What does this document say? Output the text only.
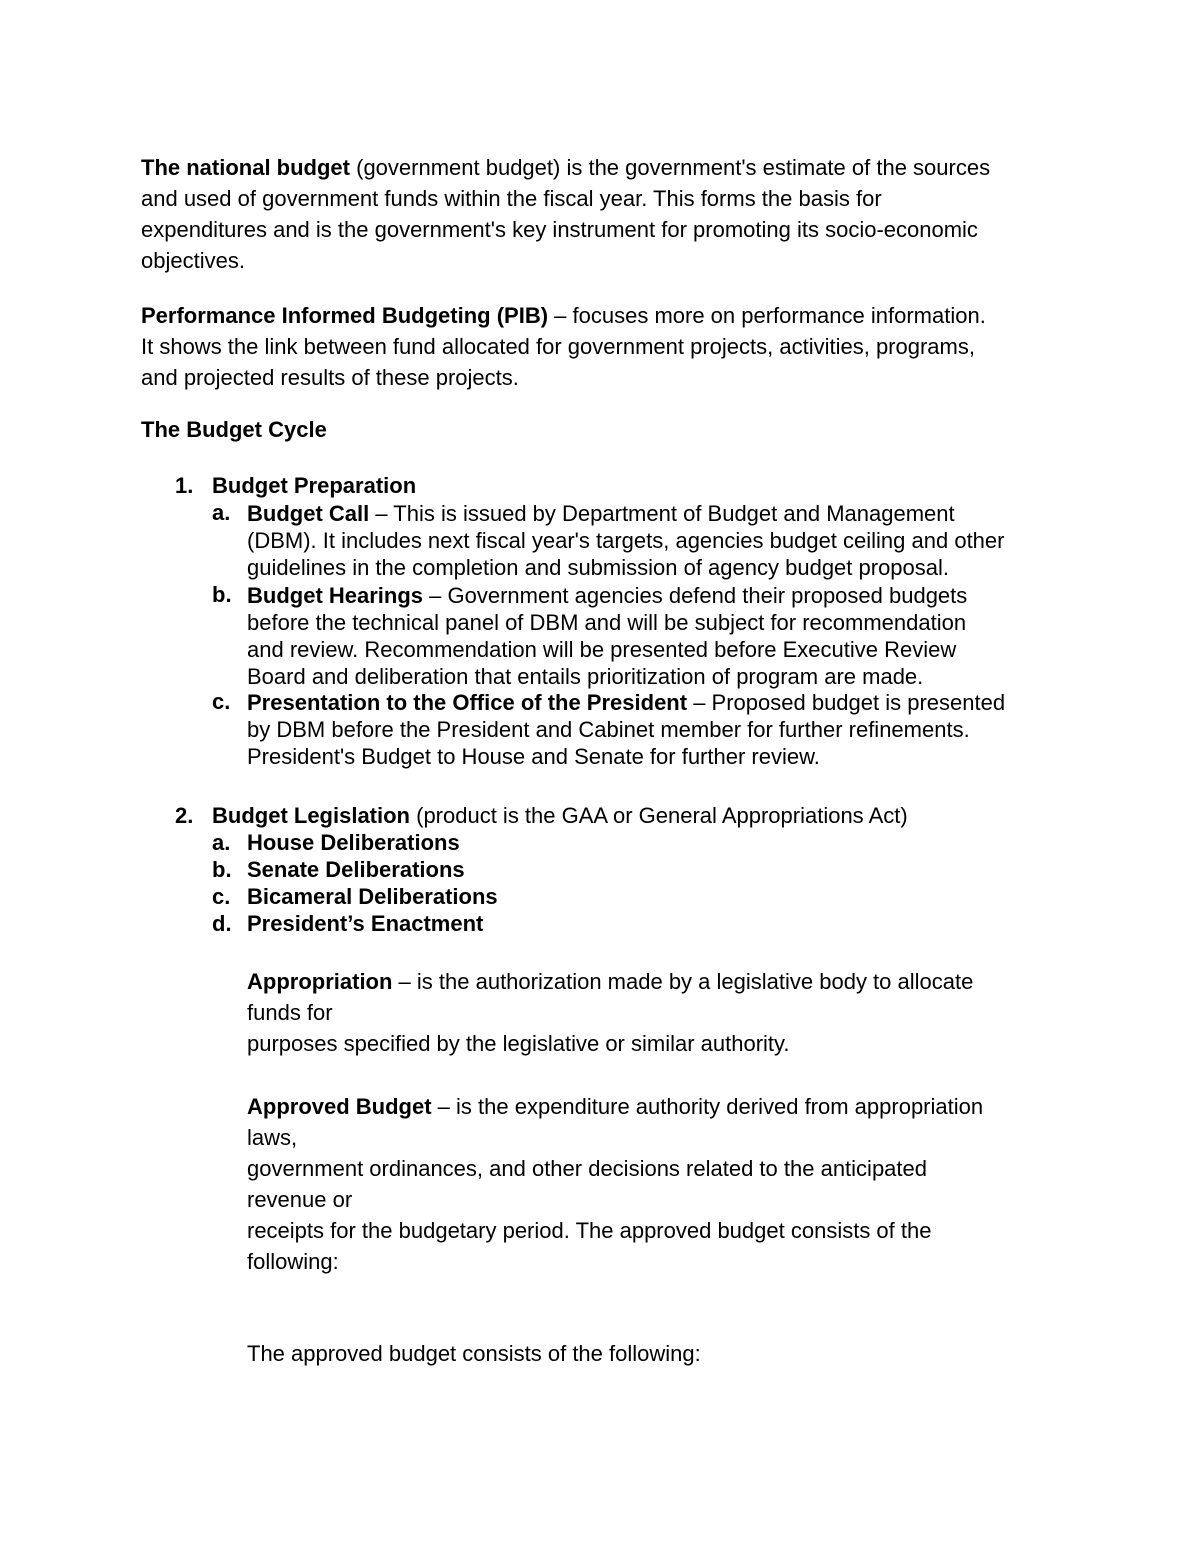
The national budget (government budget) is the government's estimate of the sources
and used of government funds within the fiscal year. This forms the basis for
expenditures and is the government's key instrument for promoting its socio-economic
objectives.

Performance Informed Budgeting (PIB) – focuses more on performance information.
It shows the link between fund allocated for government projects, activities, programs,
and projected results of these projects.

The Budget Cycle
1. Budget Preparation
a. Budget Call – This is issued by Department of Budget and Management
(DBM). It includes next fiscal year's targets, agencies budget ceiling and other
guidelines in the completion and submission of agency budget proposal.

b. Budget Hearings – Government agencies defend their proposed budgets
before the technical panel of DBM and will be subject for recommendation
and review. Recommendation will be presented before Executive Review
Board and deliberation that entails prioritization of program are made.

c. Presentation to the Office of the President – Proposed budget is presented
by DBM before the President and Cabinet member for further refinements.
President's Budget to House and Senate for further review.

2. Budget Legislation (product is the GAA or General Appropriations Act)
a. House Deliberations
b. Senate Deliberations
c. Bicameral Deliberations
d. President’s Enactment

Appropriation – is the authorization made by a legislative body to allocate
funds for
purposes specified by the legislative or similar authority.

Approved Budget – is the expenditure authority derived from appropriation
laws,
government ordinances, and other decisions related to the anticipated
revenue or
receipts for the budgetary period. The approved budget consists of the
following:

The approved budget consists of the following:
